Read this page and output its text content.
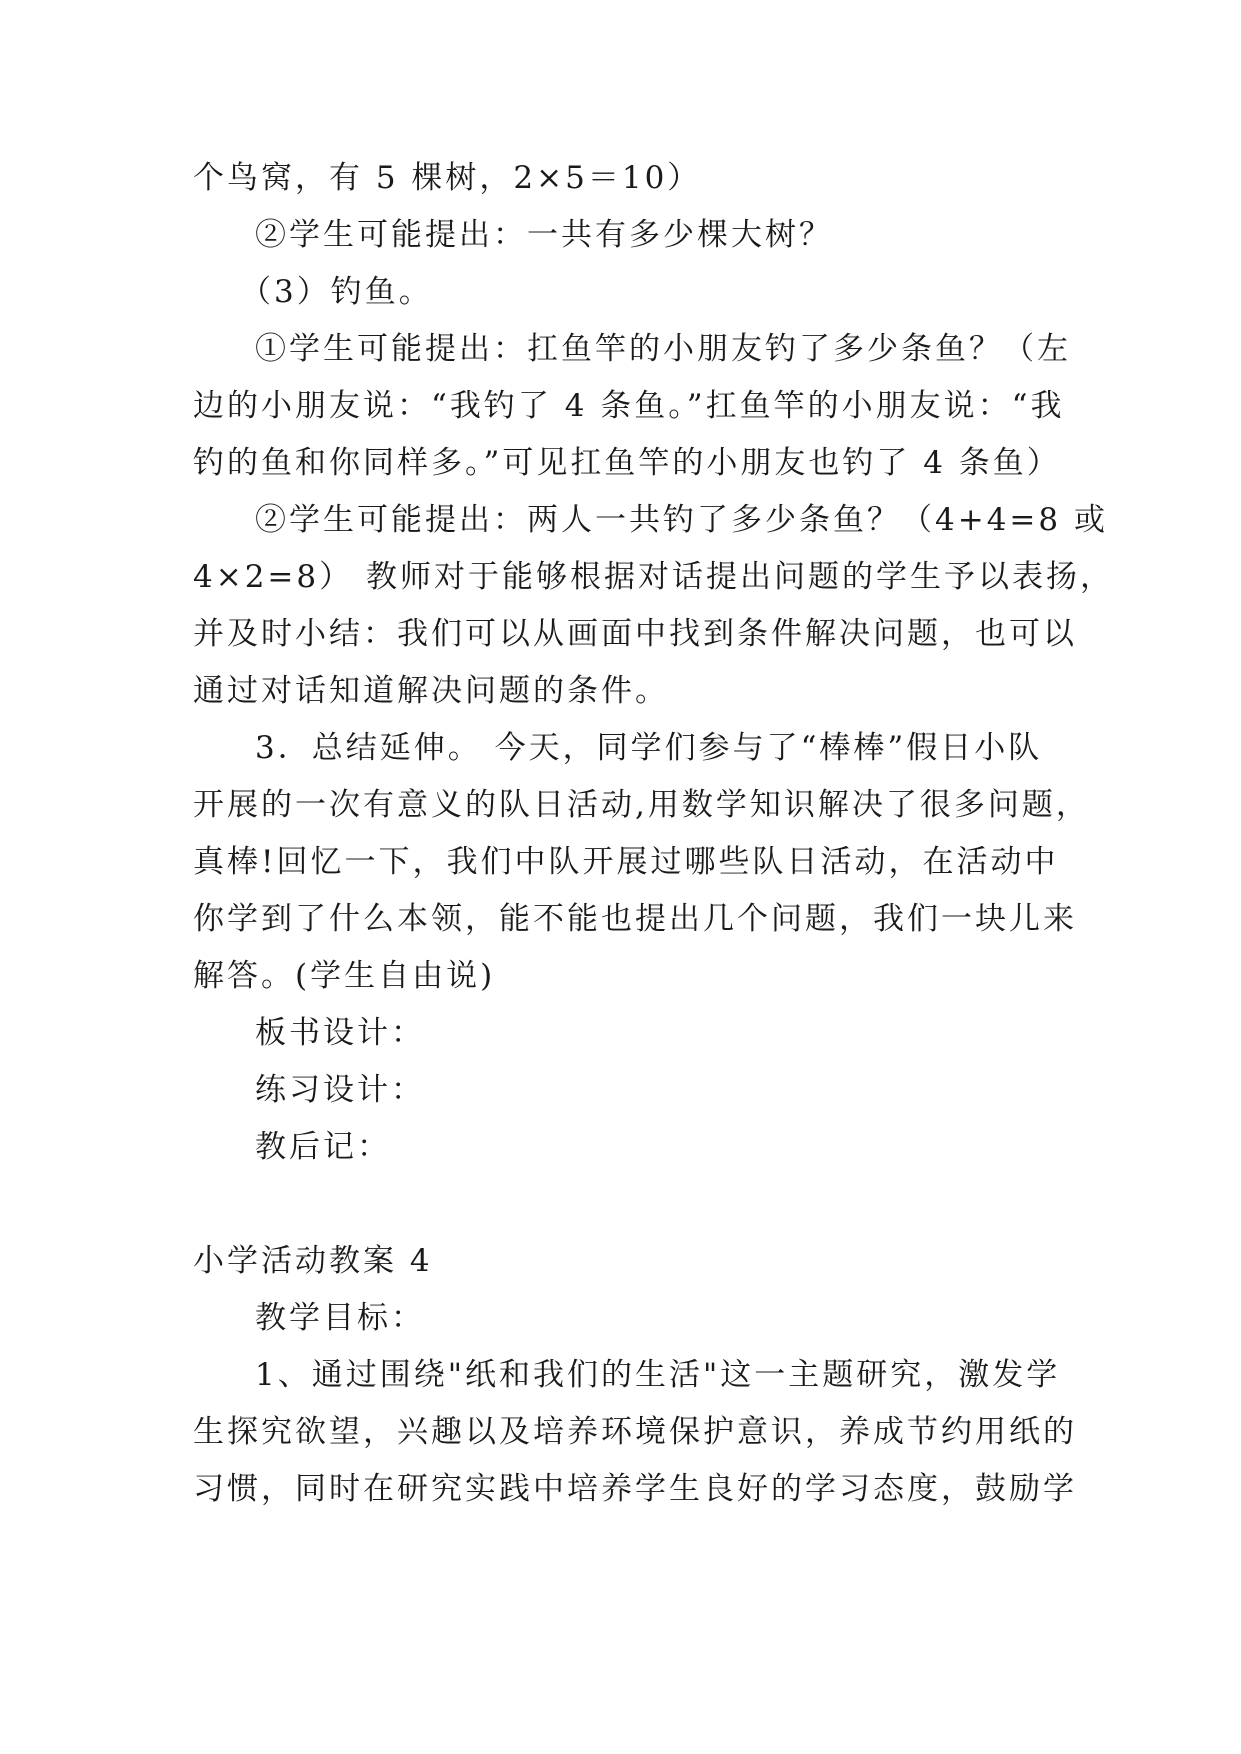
个鸟窝，有 5 棵树，2×5＝10）
②学生可能提出：一共有多少棵大树？
（3）钓鱼。
①学生可能提出：扛鱼竿的小朋友钓了多少条鱼？（左
边的小朋友说：“我钓了 4 条鱼。”扛鱼竿的小朋友说：“我
钓的鱼和你同样多。”可见扛鱼竿的小朋友也钓了 4 条鱼）
②学生可能提出：两人一共钓了多少条鱼？（4+4=8 或
4×2=8） 教师对于能够根据对话提出问题的学生予以表扬，
并及时小结：我们可以从画面中找到条件解决问题，也可以
通过对话知道解决问题的条件。
3．总结延伸。 今天，同学们参与了“棒棒”假日小队
开展的一次有意义的队日活动,用数学知识解决了很多问题，
真棒!回忆一下，我们中队开展过哪些队日活动，在活动中
你学到了什么本领，能不能也提出几个问题，我们一块儿来
解答。(学生自由说)
板书设计：
练习设计：
教后记：
小学活动教案 4
教学目标：
1、通过围绕"纸和我们的生活"这一主题研究，激发学
生探究欲望，兴趣以及培养环境保护意识，养成节约用纸的
习惯，同时在研究实践中培养学生良好的学习态度，鼓励学
